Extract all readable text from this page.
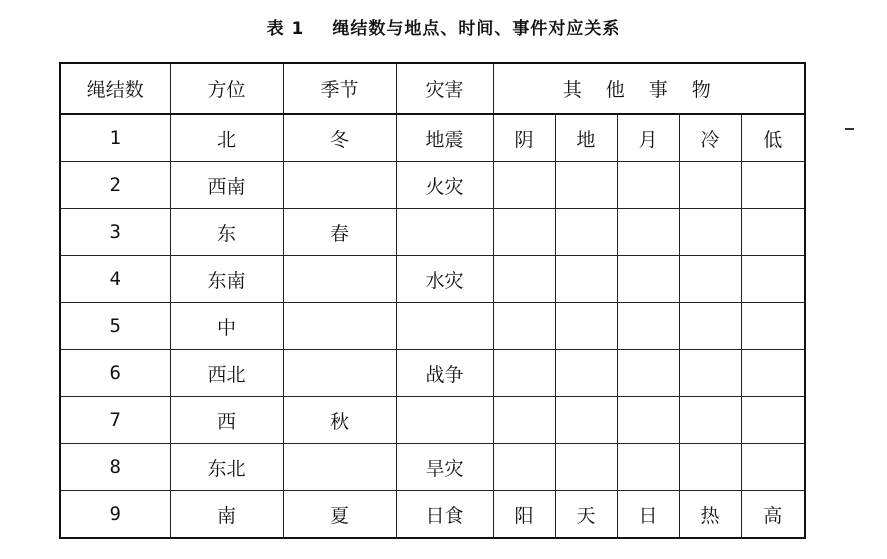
表 1 绳结数与地点、时间、事件对应关系
绳结数	方位	季节	灾害	其他事物				
1	北	冬	地震	阴	地	月	冷	低
2	西南		火灾					
3	东	春						
4	东南		水灾					
5	中							
6	西北		战争					
7	西	秋						
8	东北		旱灾					
9	南	夏	日食	阳	天	日	热	高
